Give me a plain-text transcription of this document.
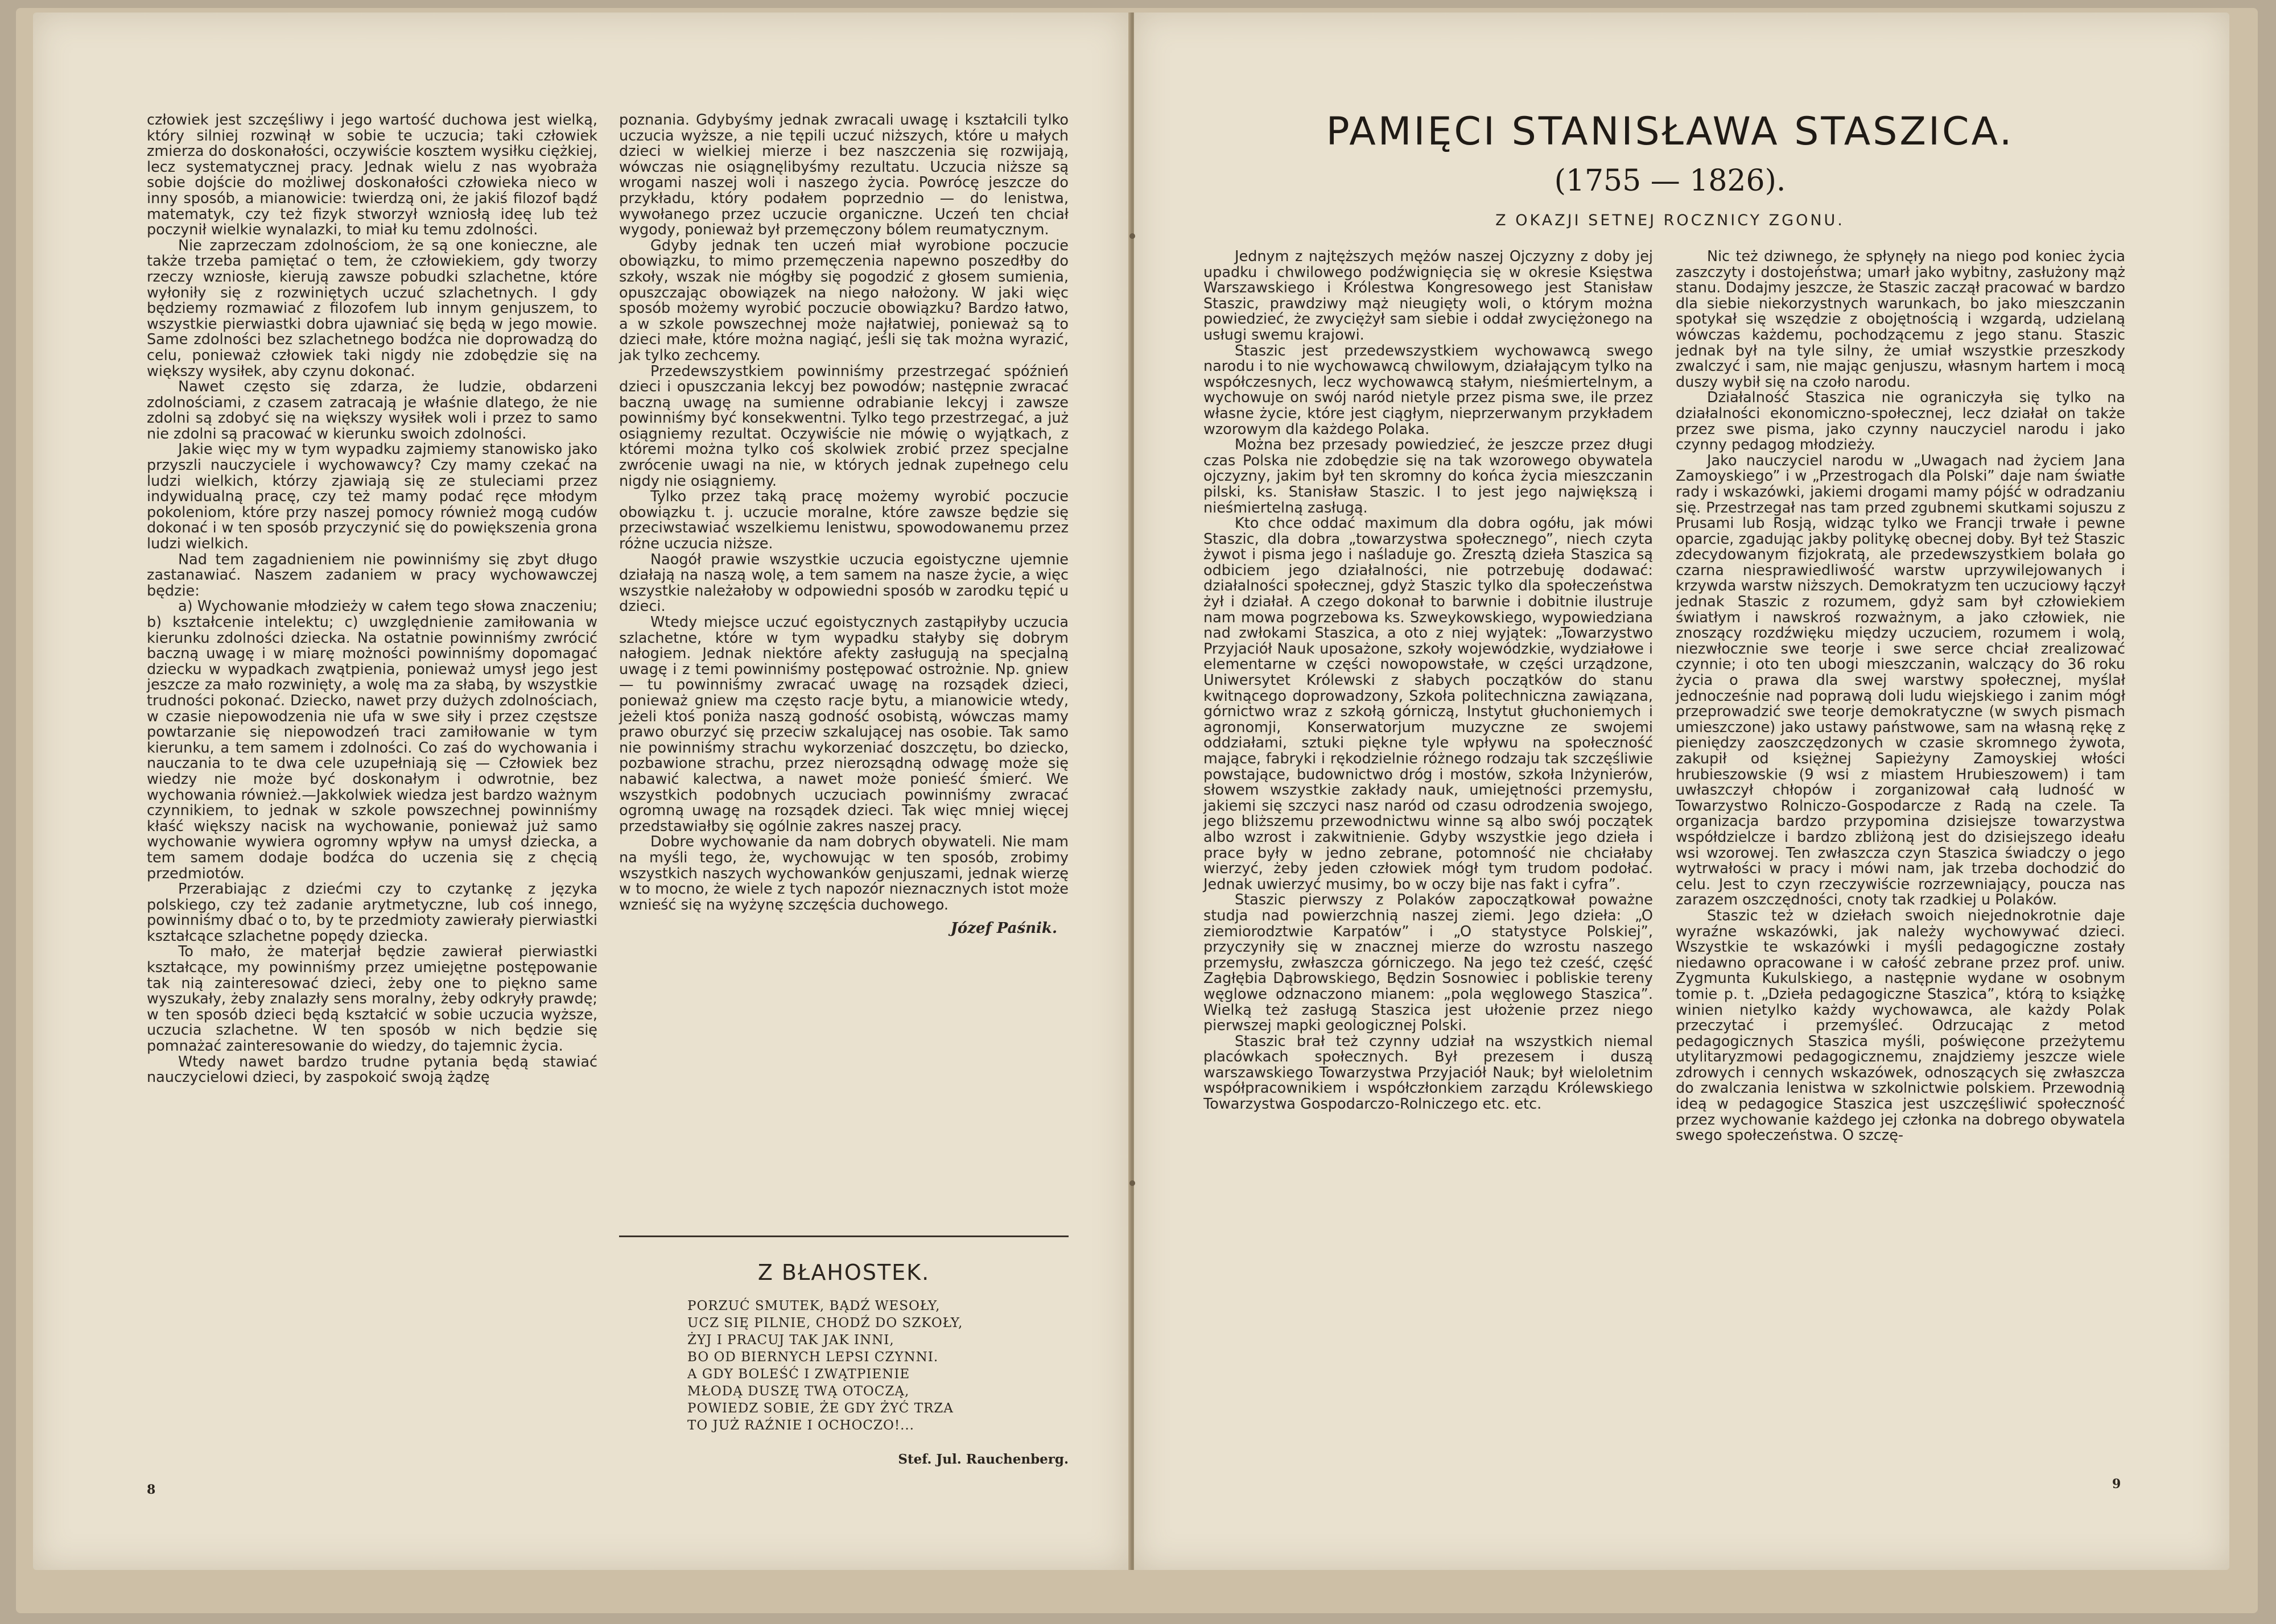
człowiek jest szczęśliwy i jego wartość duchowa jest wielką, który silniej rozwinął w sobie te uczucia; taki człowiek zmierza do doskonałości, oczywiście kosztem wysiłku ciężkiej, lecz systematycznej pracy. Jednak wielu z nas wyobraża sobie dojście do możliwej doskonałości człowieka nieco w inny sposób, a mianowicie: twierdzą oni, że jakiś filozof bądź matematyk, czy też fizyk stworzył wzniosłą ideę lub też poczynił wielkie wynalazki, to miał ku temu zdolności.

Nie zaprzeczam zdolnościom, że są one konieczne, ale także trzeba pamiętać o tem, że człowiekiem, gdy tworzy rzeczy wzniosłe, kierują zawsze pobudki szlachetne, które wyłoniły się z rozwiniętych uczuć szlachetnych. I gdy będziemy rozmawiać z filozofem lub innym genjuszem, to wszystkie pierwiastki dobra ujawniać się będą w jego mowie. Same zdolności bez szlachetnego bodźca nie doprowadzą do celu, ponieważ człowiek taki nigdy nie zdobędzie się na większy wysiłek, aby czynu dokonać.

Nawet często się zdarza, że ludzie, obdarzeni zdolnościami, z czasem zatracają je właśnie dlatego, że nie zdolni są zdobyć się na większy wysiłek woli i przez to samo nie zdolni są pracować w kierunku swoich zdolności.

Jakie więc my w tym wypadku zajmiemy stanowisko jako przyszli nauczyciele i wychowawcy? Czy mamy czekać na ludzi wielkich, którzy zjawiają się ze stuleciami przez indywidualną pracę, czy też mamy podać ręce młodym pokoleniom, które przy naszej pomocy również mogą cudów dokonać i w ten sposób przyczynić się do powiększenia grona ludzi wielkich.

Nad tem zagadnieniem nie powinniśmy się zbyt długo zastanawiać. Naszem zadaniem w pracy wychowawczej będzie:

a) Wychowanie młodzieży w całem tego słowa znaczeniu; b) kształcenie intelektu; c) uwzględnienie zamiłowania w kierunku zdolności dziecka. Na ostatnie powinniśmy zwrócić baczną uwagę i w miarę możności powinniśmy dopomagać dziecku w wypadkach zwątpienia, ponieważ umysł jego jest jeszcze za mało rozwinięty, a wolę ma za słabą, by wszystkie trudności pokonać. Dziecko, nawet przy dużych zdolnościach, w czasie niepowodzenia nie ufa w swe siły i przez częstsze powtarzanie się niepowodzeń traci zamiłowanie w tym kierunku, a tem samem i zdolności. Co zaś do wychowania i nauczania to te dwa cele uzupełniają się — Człowiek bez wiedzy nie może być doskonałym i odwrotnie, bez wychowania również.—Jakkolwiek wiedza jest bardzo ważnym czynnikiem, to jednak w szkole powszechnej powinniśmy kłaść większy nacisk na wychowanie, ponieważ już samo wychowanie wywiera ogromny wpływ na umysł dziecka, a tem samem dodaje bodźca do uczenia się z chęcią przedmiotów.

Przerabiając z dziećmi czy to czytankę z języka polskiego, czy też zadanie arytmetyczne, lub coś innego, powinniśmy dbać o to, by te przedmioty zawierały pierwiastki kształcące szlachetne popędy dziecka.

To mało, że materjał będzie zawierał pierwiastki kształcące, my powinniśmy przez umiejętne postępowanie tak nią zainteresować dzieci, żeby one to piękno same wyszukały, żeby znalazły sens moralny, żeby odkryły prawdę; w ten sposób dzieci będą kształcić w sobie uczucia wyższe, uczucia szlachetne. W ten sposób w nich będzie się pomnażać zainteresowanie do wiedzy, do tajemnic życia.

Wtedy nawet bardzo trudne pytania będą stawiać nauczycielowi dzieci, by zaspokoić swoją żądzę

poznania. Gdybyśmy jednak zwracali uwagę i kształcili tylko uczucia wyższe, a nie tępili uczuć niższych, które u małych dzieci w wielkiej mierze i bez naszczenia się rozwijają, wówczas nie osiągnęlibyśmy rezultatu. Uczucia niższe są wrogami naszej woli i naszego życia. Powrócę jeszcze do przykładu, który podałem poprzednio — do lenistwa, wywołanego przez uczucie organiczne. Uczeń ten chciał wygody, ponieważ był przemęczony bólem reumatycznym.

Gdyby jednak ten uczeń miał wyrobione poczucie obowiązku, to mimo przemęczenia napewno poszedłby do szkoły, wszak nie mógłby się pogodzić z głosem sumienia, opuszczając obowiązek na niego nałożony. W jaki więc sposób możemy wyrobić poczucie obowiązku? Bardzo łatwo, a w szkole powszechnej może najłatwiej, ponieważ są to dzieci małe, które można nagiąć, jeśli się tak można wyrazić, jak tylko zechcemy.

Przedewszystkiem powinniśmy przestrzegać spóźnień dzieci i opuszczania lekcyj bez powodów; następnie zwracać baczną uwagę na sumienne odrabianie lekcyj i zawsze powinniśmy być konsekwentni. Tylko tego przestrzegać, a już osiągniemy rezultat. Oczywiście nie mówię o wyjątkach, z któremi można tylko coś skolwiek zrobić przez specjalne zwrócenie uwagi na nie, w których jednak zupełnego celu nigdy nie osiągniemy.

Tylko przez taką pracę możemy wyrobić poczucie obowiązku t. j. uczucie moralne, które zawsze będzie się przeciwstawiać wszelkiemu lenistwu, spowodowanemu przez różne uczucia niższe.

Naogół prawie wszystkie uczucia egoistyczne ujemnie działają na naszą wolę, a tem samem na nasze życie, a więc wszystkie należałoby w odpowiedni sposób w zarodku tępić u dzieci.

Wtedy miejsce uczuć egoistycznych zastąpiłyby uczucia szlachetne, które w tym wypadku stałyby się dobrym nałogiem. Jednak niektóre afekty zasługują na specjalną uwagę i z temi powinniśmy postępować ostrożnie. Np. gniew — tu powinniśmy zwracać uwagę na rozsądek dzieci, ponieważ gniew ma często racje bytu, a mianowicie wtedy, jeżeli ktoś poniża naszą godność osobistą, wówczas mamy prawo oburzyć się przeciw szkalującej nas osobie. Tak samo nie powinniśmy strachu wykorzeniać doszczętu, bo dziecko, pozbawione strachu, przez nierozsądną odwagę może się nabawić kalectwa, a nawet może ponieść śmierć. We wszystkich podobnych uczuciach powinniśmy zwracać ogromną uwagę na rozsądek dzieci. Tak więc mniej więcej przedstawiałby się ogólnie zakres naszej pracy.

Dobre wychowanie da nam dobrych obywateli. Nie mam na myśli tego, że, wychowując w ten sposób, zrobimy wszystkich naszych wychowanków genjuszami, jednak wierzę w to mocno, że wiele z tych napozór nieznacznych istot może wznieść się na wyżynę szczęścia duchowego.

Józef Paśnik.
Z BŁAHOSTEK.
PORZUĆ SMUTEK, BĄDŹ WESOŁY,
UCZ SIĘ PILNIE, CHODŹ DO SZKOŁY,
ŻYJ I PRACUJ TAK JAK INNI,
BO OD BIERNYCH LEPSI CZYNNI.
A GDY BOLEŚĆ I ZWĄTPIENIE
MŁODĄ DUSZĘ TWĄ OTOCZĄ,
POWIEDZ SOBIE, ŻE GDY ŻYĆ TRZA
TO JUŻ RAŹNIE I OCHOCZO!...
Stef. Jul. Rauchenberg.
8
PAMIĘCI STANISŁAWA STASZICA.
(1755 — 1826).
Z OKAZJI SETNEJ ROCZNICY ZGONU.

Jednym z najtęższych mężów naszej Ojczyzny z doby jej upadku i chwilowego podźwignięcia się w okresie Księstwa Warszawskiego i Królestwa Kongresowego jest Stanisław Staszic, prawdziwy mąż nieugięty woli, o którym można powiedzieć, że zwyciężył sam siebie i oddał zwyciężonego na usługi swemu krajowi.

Staszic jest przedewszystkiem wychowawcą swego narodu i to nie wychowawcą chwilowym, działającym tylko na współczesnych, lecz wychowawcą stałym, nieśmiertelnym, a wychowuje on swój naród nietyle przez pisma swe, ile przez własne życie, które jest ciągłym, nieprzerwanym przykładem wzorowym dla każdego Polaka.

Można bez przesady powiedzieć, że jeszcze przez długi czas Polska nie zdobędzie się na tak wzorowego obywatela ojczyzny, jakim był ten skromny do końca życia mieszczanin pilski, ks. Stanisław Staszic. I to jest jego największą i nieśmiertelną zasługą.

Kto chce oddać maximum dla dobra ogółu, jak mówi Staszic, dla dobra „towarzystwa społecznego”, niech czyta żywot i pisma jego i naśladuje go. Zresztą dzieła Staszica są odbiciem jego działalności, nie potrzebuję dodawać: działalności społecznej, gdyż Staszic tylko dla społeczeństwa żył i działał. A czego dokonał to barwnie i dobitnie ilustruje nam mowa pogrzebowa ks. Szweykowskiego, wypowiedziana nad zwłokami Staszica, a oto z niej wyjątek: „Towarzystwo Przyjaciół Nauk uposażone, szkoły wojewódzkie, wydziałowe i elementarne w części nowopowstałe, w części urządzone, Uniwersytet Królewski z słabych początków do stanu kwitnącego doprowadzony, Szkoła politechniczna zawiązana, górnictwo wraz z szkołą górniczą, Instytut głuchoniemych i agronomji, Konserwatorjum muzyczne ze swojemi oddziałami, sztuki piękne tyle wpływu na społeczność mające, fabryki i rękodzielnie różnego rodzaju tak szczęśliwie powstające, budownictwo dróg i mostów, szkoła Inżynierów, słowem wszystkie zakłady nauk, umiejętności przemysłu, jakiemi się szczyci nasz naród od czasu odrodzenia swojego, jego bliższemu przewodnictwu winne są albo swój początek albo wzrost i zakwitnienie. Gdyby wszystkie jego dzieła i prace były w jedno zebrane, potomność nie chciałaby wierzyć, żeby jeden człowiek mógł tym trudom podołać. Jednak uwierzyć musimy, bo w oczy bije nas fakt i cyfra”.

Staszic pierwszy z Polaków zapoczątkował poważne studja nad powierzchnią naszej ziemi. Jego dzieła: „O ziemiorodztwie Karpatów” i „O statystyce Polskiej”, przyczyniły się w znacznej mierze do wzrostu naszego przemysłu, zwłaszcza górniczego. Na jego też cześć, część Zagłębia Dąbrowskiego, Będzin Sosnowiec i pobliskie tereny węglowe odznaczono mianem: „pola węglowego Staszica”. Wielką też zasługą Staszica jest ułożenie przez niego pierwszej mapki geologicznej Polski.

Staszic brał też czynny udział na wszystkich niemal placówkach społecznych. Był prezesem i duszą warszawskiego Towarzystwa Przyjaciół Nauk; był wieloletnim współpracownikiem i współczłonkiem zarządu Królewskiego Towarzystwa Gospodarczo-Rolniczego etc. etc.

Nic też dziwnego, że spłynęły na niego pod koniec życia zaszczyty i dostojeństwa; umarł jako wybitny, zasłużony mąż stanu. Dodajmy jeszcze, że Staszic zaczął pracować w bardzo dla siebie niekorzystnych warunkach, bo jako mieszczanin spotykał się wszędzie z obojętnością i wzgardą, udzielaną wówczas każdemu, pochodzącemu z jego stanu. Staszic jednak był na tyle silny, że umiał wszystkie przeszkody zwalczyć i sam, nie mając genjuszu, własnym hartem i mocą duszy wybił się na czoło narodu.

Działalność Staszica nie ograniczyła się tylko na działalności ekonomiczno-społecznej, lecz działał on także przez swe pisma, jako czynny nauczyciel narodu i jako czynny pedagog młodzieży.

Jako nauczyciel narodu w „Uwagach nad życiem Jana Zamoyskiego” i w „Przestrogach dla Polski” daje nam światłe rady i wskazówki, jakiemi drogami mamy pójść w odradzaniu się. Przestrzegał nas tam przed zgubnemi skutkami sojuszu z Prusami lub Rosją, widząc tylko we Francji trwałe i pewne oparcie, zgadując jakby politykę obecnej doby. Był też Staszic zdecydowanym fizjokratą, ale przedewszystkiem bolała go czarna niesprawiedliwość warstw uprzywilejowanych i krzywda warstw niższych. Demokratyzm ten uczuciowy łączył jednak Staszic z rozumem, gdyż sam był człowiekiem światłym i nawskroś rozważnym, a jako człowiek, nie znoszący rozdźwięku między uczuciem, rozumem i wolą, niezwłocznie swe teorje i swe serce chciał zrealizować czynnie; i oto ten ubogi mieszczanin, walczący do 36 roku życia o prawa dla swej warstwy społecznej, myślał jednocześnie nad poprawą doli ludu wiejskiego i zanim mógł przeprowadzić swe teorje demokratyczne (w swych pismach umieszczone) jako ustawy państwowe, sam na własną rękę z pieniędzy zaoszczędzonych w czasie skromnego żywota, zakupił od księżnej Sapieżyny Zamoyskiej włości hrubieszowskie (9 wsi z miastem Hrubieszowem) i tam uwłaszczył chłopów i zorganizował całą ludność w Towarzystwo Rolniczo-Gospodarcze z Radą na czele. Ta organizacja bardzo przypomina dzisiejsze towarzystwa współdzielcze i bardzo zbliżoną jest do dzisiejszego ideału wsi wzorowej. Ten zwłaszcza czyn Staszica świadczy o jego wytrwałości w pracy i mówi nam, jak trzeba dochodzić do celu. Jest to czyn rzeczywiście rozrzewniający, poucza nas zarazem oszczędności, cnoty tak rzadkiej u Polaków.

Staszic też w dziełach swoich niejednokrotnie daje wyraźne wskazówki, jak należy wychowywać dzieci. Wszystkie te wskazówki i myśli pedagogiczne zostały niedawno opracowane i w całość zebrane przez prof. uniw. Zygmunta Kukulskiego, a następnie wydane w osobnym tomie p. t. „Dzieła pedagogiczne Staszica”, którą to książkę winien nietylko każdy wychowawca, ale każdy Polak przeczytać i przemyśleć. Odrzucając z metod pedagogicznych Staszica myśli, poświęcone przeżytemu utylitaryzmowi pedagogicznemu, znajdziemy jeszcze wiele zdrowych i cennych wskazówek, odnoszących się zwłaszcza do zwalczania lenistwa w szkolnictwie polskiem. Przewodnią ideą w pedagogice Staszica jest uszczęśliwić społeczność przez wychowanie każdego jej członka na dobrego obywatela swego społeczeństwa. O szczę-

9
